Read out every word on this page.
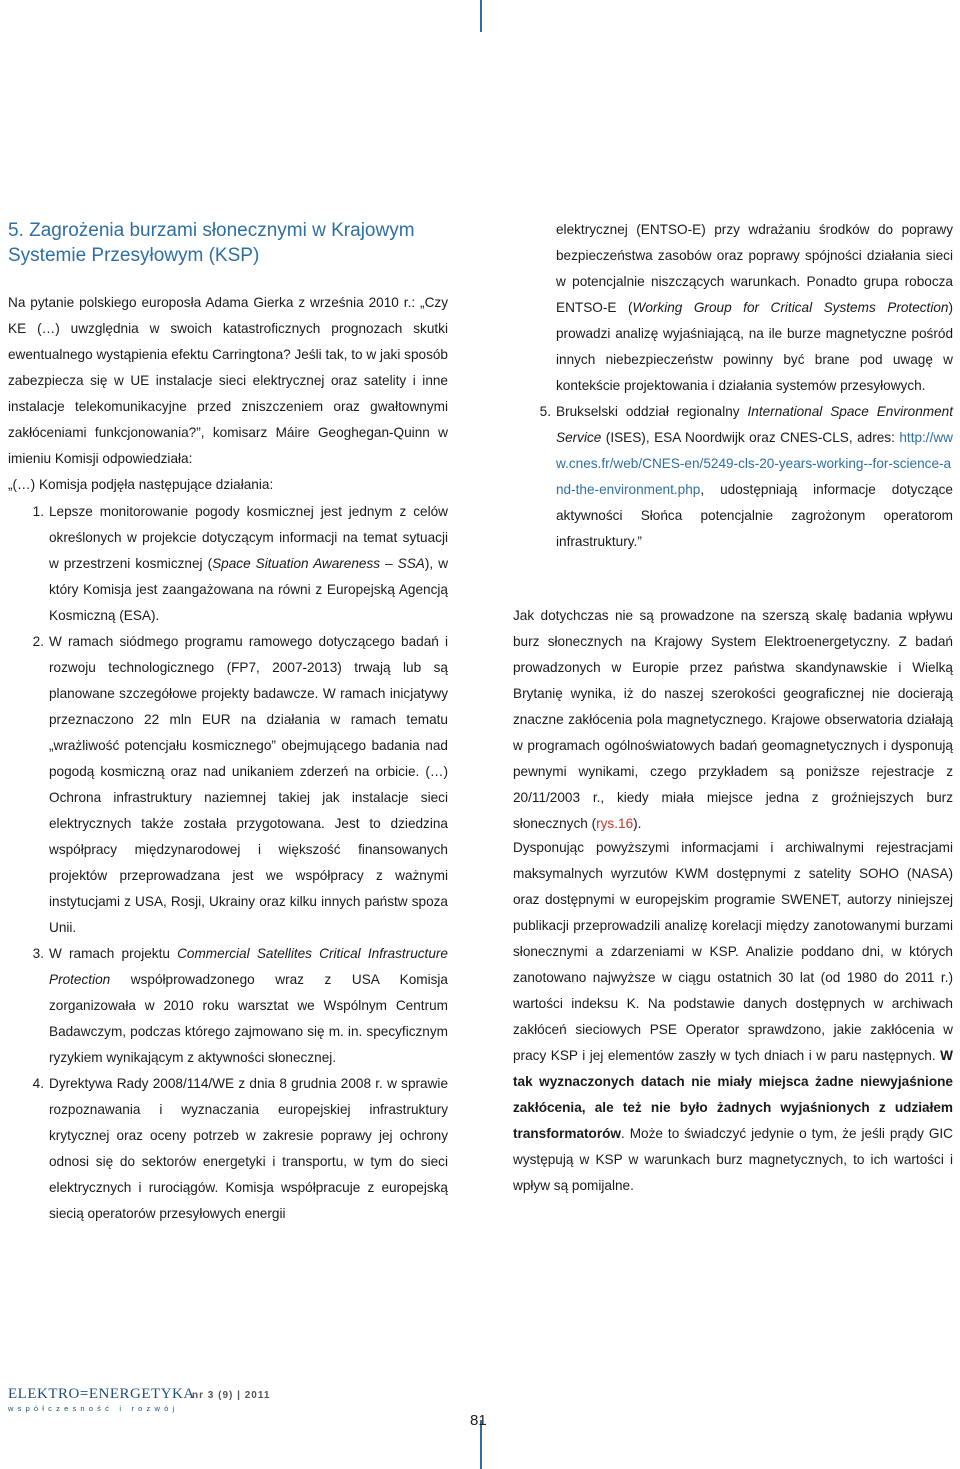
5. Zagrożenia burzami słonecznymi w Krajowym Systemie Przesyłowym (KSP)

Na pytanie polskiego europosła Adama Gierka z września 2010 r.: „Czy KE (…) uwzględnia w swoich katastroficznych prognozach skutki ewentualnego wystąpienia efektu Carringtona? Jeśli tak, to w jaki sposób zabezpiecza się w UE instalacje sieci elektrycznej oraz satelity i inne instalacje telekomunikacyjne przed zniszczeniem oraz gwałtownymi zakłóceniami funkcjonowania?”, komisarz Máire Geoghegan-Quinn w imieniu Komisji odpowiedziała:

„(…) Komisja podjęła następujące działania:

1. Lepsze monitorowanie pogody kosmicznej jest jednym z celów określonych w projekcie dotyczącym informacji na temat sytuacji w przestrzeni kosmicznej (Space Situation Awareness – SSA), w który Komisja jest zaangażowana na równi z Europejską Agencją Kosmiczną (ESA).
2. W ramach siódmego programu ramowego dotyczącego badań i rozwoju technologicznego (FP7, 2007-2013) trwają lub są planowane szczegółowe projekty badawcze. W ramach inicjatywy przeznaczono 22 mln EUR na działania w ramach tematu „wrażliwość potencjału kosmicznego” obejmującego badania nad pogodą kosmiczną oraz nad unikaniem zderzeń na orbicie. (…) Ochrona infrastruktury naziemnej takiej jak instalacje sieci elektrycznych także została przygotowana. Jest to dziedzina współpracy międzynarodowej i większość finansowanych projektów przeprowadzana jest we współpracy z ważnymi instytucjami z USA, Rosji, Ukrainy oraz kilku innych państw spoza Unii.
3. W ramach projektu Commercial Satellites Critical Infrastructure Protection współprowadzonego wraz z USA Komisja zorganizowała w 2010 roku warsztat we Wspólnym Centrum Badawczym, podczas którego zajmowano się m. in. specyficznym ryzykiem wynikającym z aktywności słonecznej.
4. Dyrektywa Rady 2008/114/WE z dnia 8 grudnia 2008 r. w sprawie rozpoznawania i wyznaczania europejskiej infrastruktury krytycznej oraz oceny potrzeb w zakresie poprawy jej ochrony odnosi się do sektorów energetyki i transportu, w tym do sieci elektrycznych i rurociągów. Komisja współpracuje z europejską siecią operatorów przesyłowych energii
elektrycznej (ENTSO-E) przy wdrażaniu środków do poprawy bezpieczeństwa zasobów oraz poprawy spójności działania sieci w potencjalnie niszczących warunkach. Ponadto grupa robocza ENTSO-E (Working Group for Critical Systems Protection) prowadzi analizę wyjaśniającą, na ile burze magnetyczne pośród innych niebezpieczeństw powinny być brane pod uwagę w kontekście projektowania i działania systemów przesyłowych.
5. Brukselski oddział regionalny International Space Environment Service (ISES), ESA Noordwijk oraz CNES-CLS, adres: http://www.cnes.fr/web/CNES-en/5249-cls-20-years-working--for-science-and-the-environment.php, udostępniają informacje dotyczące aktywności Słońca potencjalnie zagrożonym operatorom infrastruktury.”

Jak dotychczas nie są prowadzone na szerszą skalę badania wpływu burz słonecznych na Krajowy System Elektroenergetyczny. Z badań prowadzonych w Europie przez państwa skandynawskie i Wielką Brytanię wynika, iż do naszej szerokości geograficznej nie docierają znaczne zakłócenia pola magnetycznego. Krajowe obserwatoria działają w programach ogólnoświatowych badań geomagnetycznych i dysponują pewnymi wynikami, czego przykładem są poniższe rejestracje z 20/11/2003 r., kiedy miała miejsce jedna z groźniejszych burz słonecznych (rys.16).

Dysponując powyższymi informacjami i archiwalnymi rejestracjami maksymalnych wyrzutów KWM dostępnymi z satelity SOHO (NASA) oraz dostępnymi w europejskim programie SWENET, autorzy niniejszej publikacji przeprowadzili analizę korelacji między zanotowanymi burzami słonecznymi a zdarzeniami w KSP. Analizie poddano dni, w których zanotowano najwyższe w ciągu ostatnich 30 lat (od 1980 do 2011 r.) wartości indeksu K. Na podstawie danych dostępnych w archiwach zakłóceń sieciowych PSE Operator sprawdzono, jakie zakłócenia w pracy KSP i jej elementów zaszły w tych dniach i w paru następnych. W tak wyznaczonych datach nie miały miejsca żadne niewyjaśnione zakłócenia, ale też nie było żadnych wyjaśnionych z udziałem transformatorów. Może to świadczyć jedynie o tym, że jeśli prądy GIC występują w KSP w warunkach burz magnetycznych, to ich wartości i wpływ są pomijalne.

ELEKTRO=ENERGETYKA
współczesność i rozwój
nr 3 (9) | 2011
81
